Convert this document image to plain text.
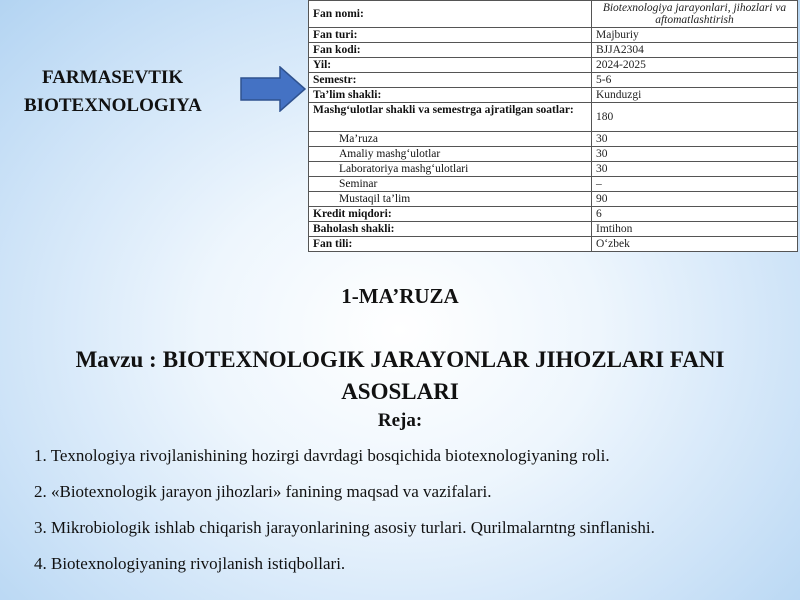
FARMASEVTIK
BIOTEXNOLOGIYA
Fan nomi:	Biotexnologiya jarayonlari, jihozlari va aftomatlashtirish
Fan turi:	Majburiy
Fan kodi:	BJJA2304
Yil:	2024-2025
Semestr:	5-6
Ta’lim shakli:	Kunduzgi
Mashg‘ulotlar shakli va semestrga ajratilgan soatlar:	180
Ma’ruza	30
Amaliy mashg‘ulotlar	30
Laboratoriya mashg‘ulotlari	30
Seminar	–
Mustaqil ta’lim	90
Kredit miqdori:	6
Baholash shakli:	Imtihon
Fan tili:	O‘zbek
1-MA’RUZA
Mavzu : BIOTEXNOLOGIK JARAYONLAR JIHOZLARI FANI ASOSLARI
Reja:
1. Texnologiya rivojlanishining hozirgi davrdagi bosqichida biotexnologiyaning roli.
2. «Biotexnologik jarayon jihozlari» fanining maqsad va vazifalari.
3. Mikrobiologik ishlab chiqarish jarayonlarining asosiy turlari. Qurilmalarntng sinflanishi.
4. Biotexnologiyaning rivojlanish istiqbollari.
